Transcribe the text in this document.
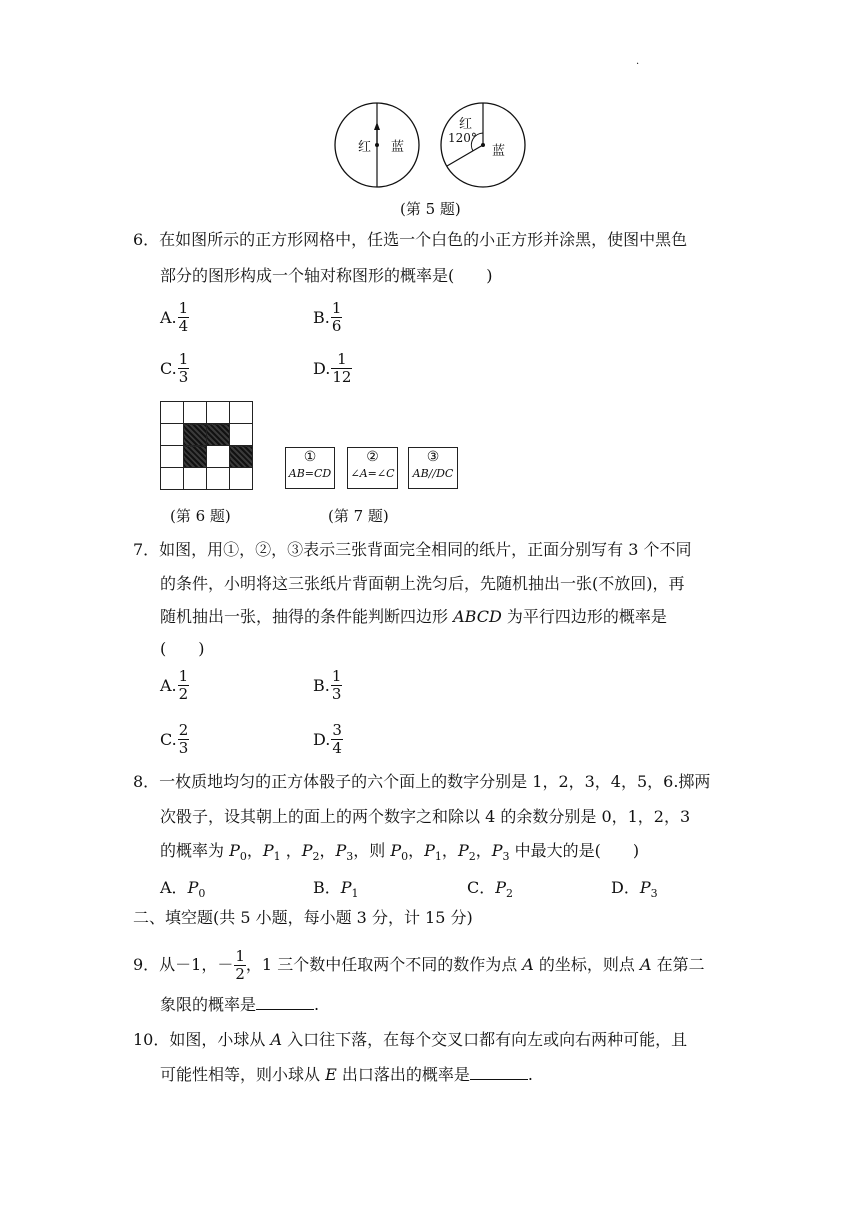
.
红 蓝
红
120°
蓝
(第 5 题)
6．在如图所示的正方形网格中，任选一个白色的小正方形并涂黑，使图中黑色
部分的图形构成一个轴对称图形的概率是(　　)
A. $\frac{1}{4}$	B. $\frac{1}{6}$
C. $\frac{1}{3}$	D. $\frac{1}{12}$

①
AB=CD
②
∠A=∠C
③
AB//DC
(第 6 题)	(第 7 题)
7．如图，用①，②，③表示三张背面完全相同的纸片，正面分别写有 3 个不同
的条件，小明将这三张纸片背面朝上洗匀后，先随机抽出一张(不放回)，再
随机抽出一张，抽得的条件能判断四边形 ABCD 为平行四边形的概率是
(　　)
A. $\frac{1}{2}$	B. $\frac{1}{3}$
C. $\frac{2}{3}$	D. $\frac{3}{4}$
8．一枚质地均匀的正方体骰子的六个面上的数字分别是 1，2，3，4，5，6.掷两
次骰子，设其朝上的面上的两个数字之和除以 4 的余数分别是 0，1，2，3
的概率为 $P_0$，$P_1$ ，$P_2$，$P_3$，则 $P_0$，$P_1$，$P_2$，$P_3$ 中最大的是(　　)
A．$P_0$	B．$P_1$	C．$P_2$	D．$P_3$
二、填空题(共 5 小题，每小题 3 分，计 15 分)
9．从－1，－ $\frac{1}{2}$ ，1 三个数中任取两个不同的数作为点 A 的坐标，则点 A 在第二
象限的概率是	.
10．如图，小球从 A 入口往下落，在每个交叉口都有向左或向右两种可能，且
可能性相等，则小球从 E 出口落出的概率是	.
